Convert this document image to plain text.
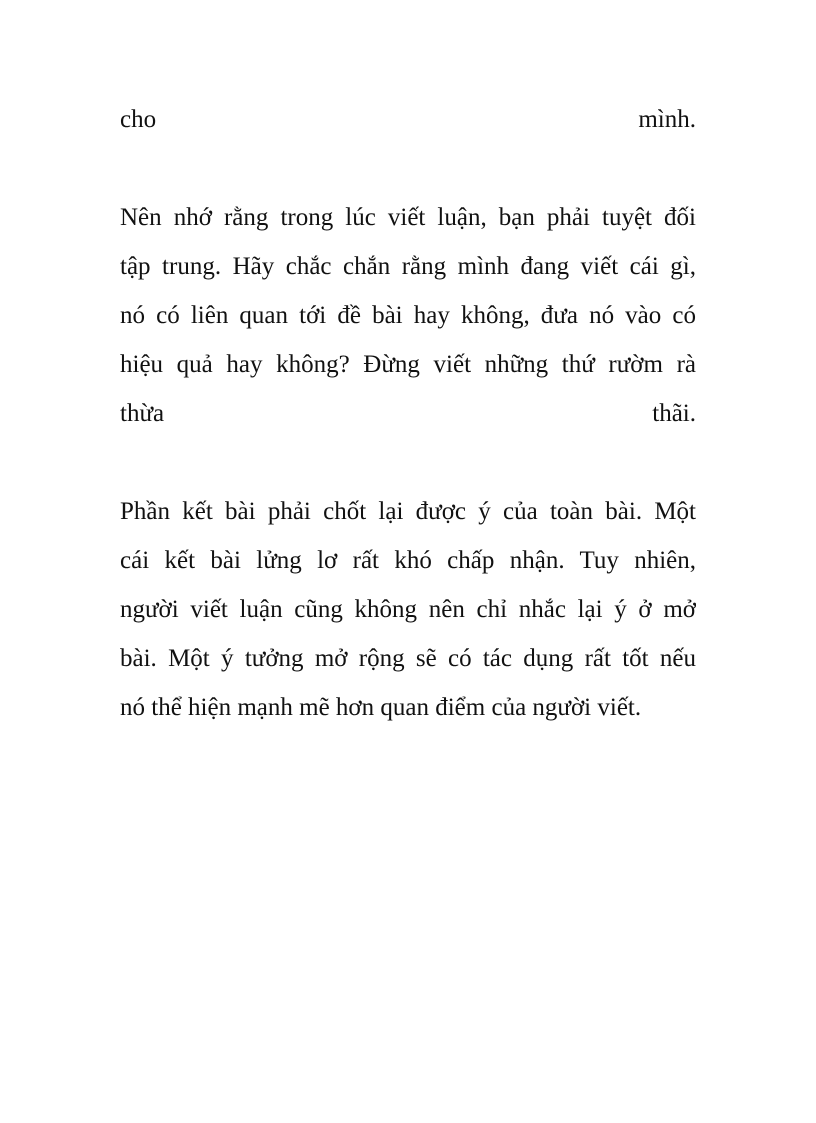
cho mình.
Nên nhớ rằng trong lúc viết luận, bạn phải tuyệt đối
tập trung. Hãy chắc chắn rằng mình đang viết cái gì,
nó có liên quan tới đề bài hay không, đưa nó vào có
hiệu quả hay không? Đừng viết những thứ rườm rà
thừa thãi.
Phần kết bài phải chốt lại được ý của toàn bài. Một
cái kết bài lửng lơ rất khó chấp nhận. Tuy nhiên,
người viết luận cũng không nên chỉ nhắc lại ý ở mở
bài. Một ý tưởng mở rộng sẽ có tác dụng rất tốt nếu
nó thể hiện mạnh mẽ hơn quan điểm của người viết.
